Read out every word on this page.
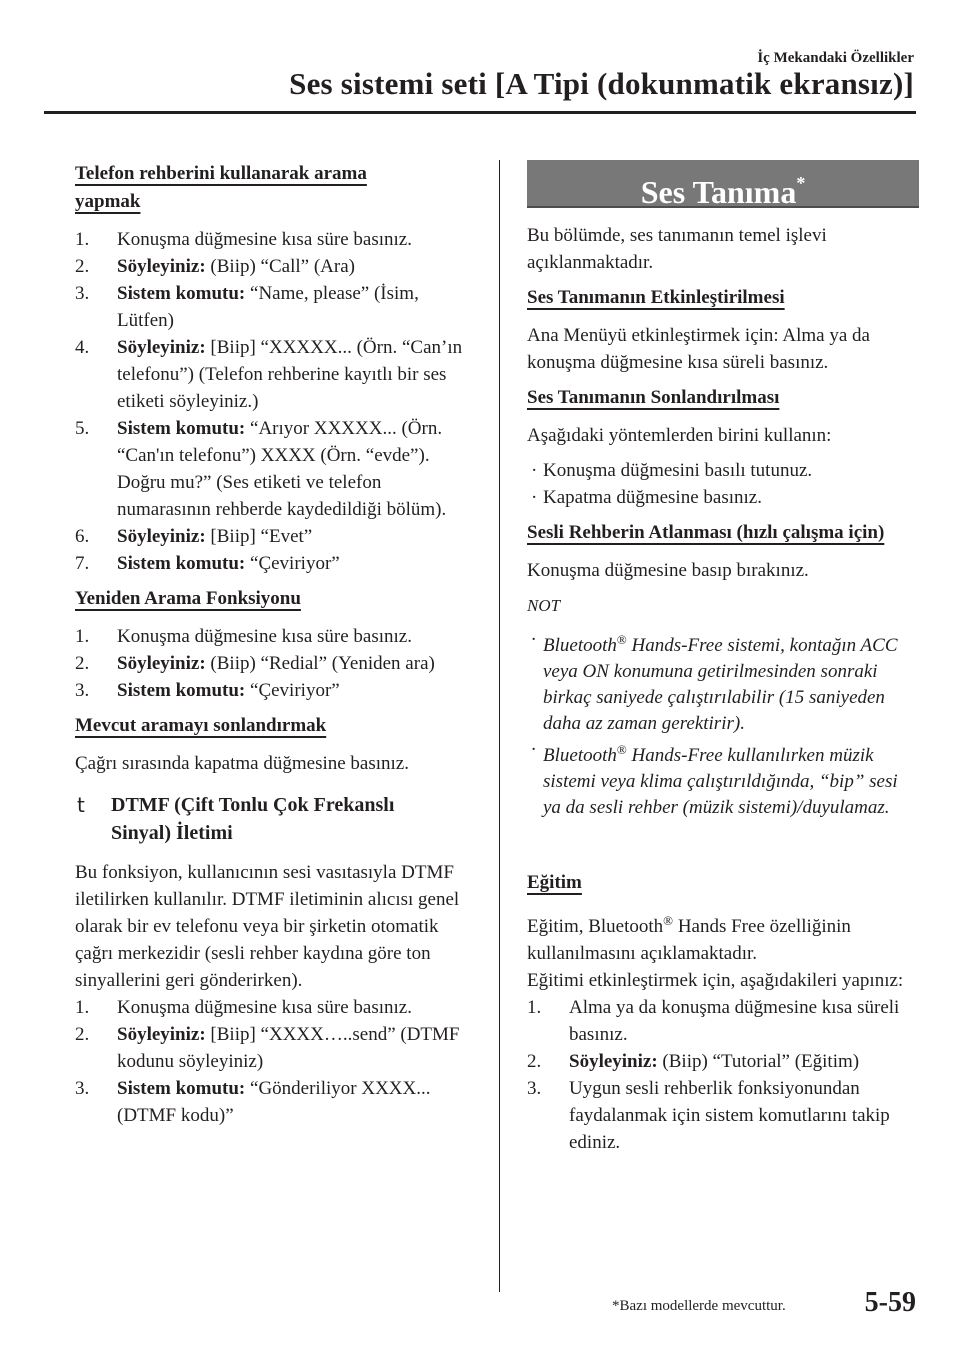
İç Mekandaki Özellikler
Ses sistemi seti [A Tipi (dokunmatik ekransız)]
Telefon rehberini kullanarak arama
yapmak
1. Konuşma düğmesine kısa süre basınız.
2. Söyleyiniz: (Biip) “Call” (Ara)
3. Sistem komutu: “Name, please” (İsim, Lütfen)
4. Söyleyiniz: [Biip] “XXXXX... (Örn. “Can’ın telefonu”) (Telefon rehberine kayıtlı bir ses etiketi söyleyiniz.)
5. Sistem komutu: “Arıyor XXXXX... (Örn. “Can'ın telefonu”) XXXX (Örn. “evde”). Doğru mu?” (Ses etiketi ve telefon numarasının rehberde kaydedildiği bölüm).
6. Söyleyiniz: [Biip] “Evet”
7. Sistem komutu: “Çeviriyor”
Yeniden Arama Fonksiyonu
1. Konuşma düğmesine kısa süre basınız.
2. Söyleyiniz: (Biip) “Redial” (Yeniden ara)
3. Sistem komutu: “Çeviriyor”
Mevcut aramayı sonlandırmak

Çağrı sırasında kapatma düğmesine basınız.

t DTMF (Çift Tonlu Çok Frekanslı
Sinyal) İletimi

Bu fonksiyon, kullanıcının sesi vasıtasıyla DTMF iletilirken kullanılır. DTMF iletiminin alıcısı genel olarak bir ev telefonu veya bir şirketin otomatik çağrı merkezidir (sesli rehber kaydına göre ton sinyallerini geri gönderirken).

1. Konuşma düğmesine kısa süre basınız.
2. Söyleyiniz: [Biip] “XXXX…..send” (DTMF kodunu söyleyiniz)
3. Sistem komutu: “Gönderiliyor XXXX... (DTMF kodu)”
Ses Tanıma*

Bu bölümde, ses tanımanın temel işlevi açıklanmaktadır.

Ses Tanımanın Etkinleştirilmesi

Ana Menüyü etkinleştirmek için: Alma ya da konuşma düğmesine kısa süreli basınız.

Ses Tanımanın Sonlandırılması

Aşağıdaki yöntemlerden birini kullanın:

· Konuşma düğmesini basılı tutunuz.
· Kapatma düğmesine basınız.
Sesli Rehberin Atlanması (hızlı çalışma için)

Konuşma düğmesine basıp bırakınız.

NOT
· Bluetooth® Hands-Free sistemi, kontağın ACC veya ON konumuna getirilmesinden sonraki birkaç saniyede çalıştırılabilir (15 saniyeden daha az zaman gerektirir).
· Bluetooth® Hands-Free kullanılırken müzik sistemi veya klima çalıştırıldığında, “bip” sesi ya da sesli rehber (müzik sistemi)/duyulamaz.
Eğitim

Eğitim, Bluetooth® Hands Free özelliğinin kullanılmasını açıklamaktadır.

Eğitimi etkinleştirmek için, aşağıdakileri yapınız:

1. Alma ya da konuşma düğmesine kısa süreli basınız.
2. Söyleyiniz: (Biip) “Tutorial” (Eğitim)
3. Uygun sesli rehberlik fonksiyonundan faydalanmak için sistem komutlarını takip ediniz.
*Bazı modellerde mevcuttur.	5-59
